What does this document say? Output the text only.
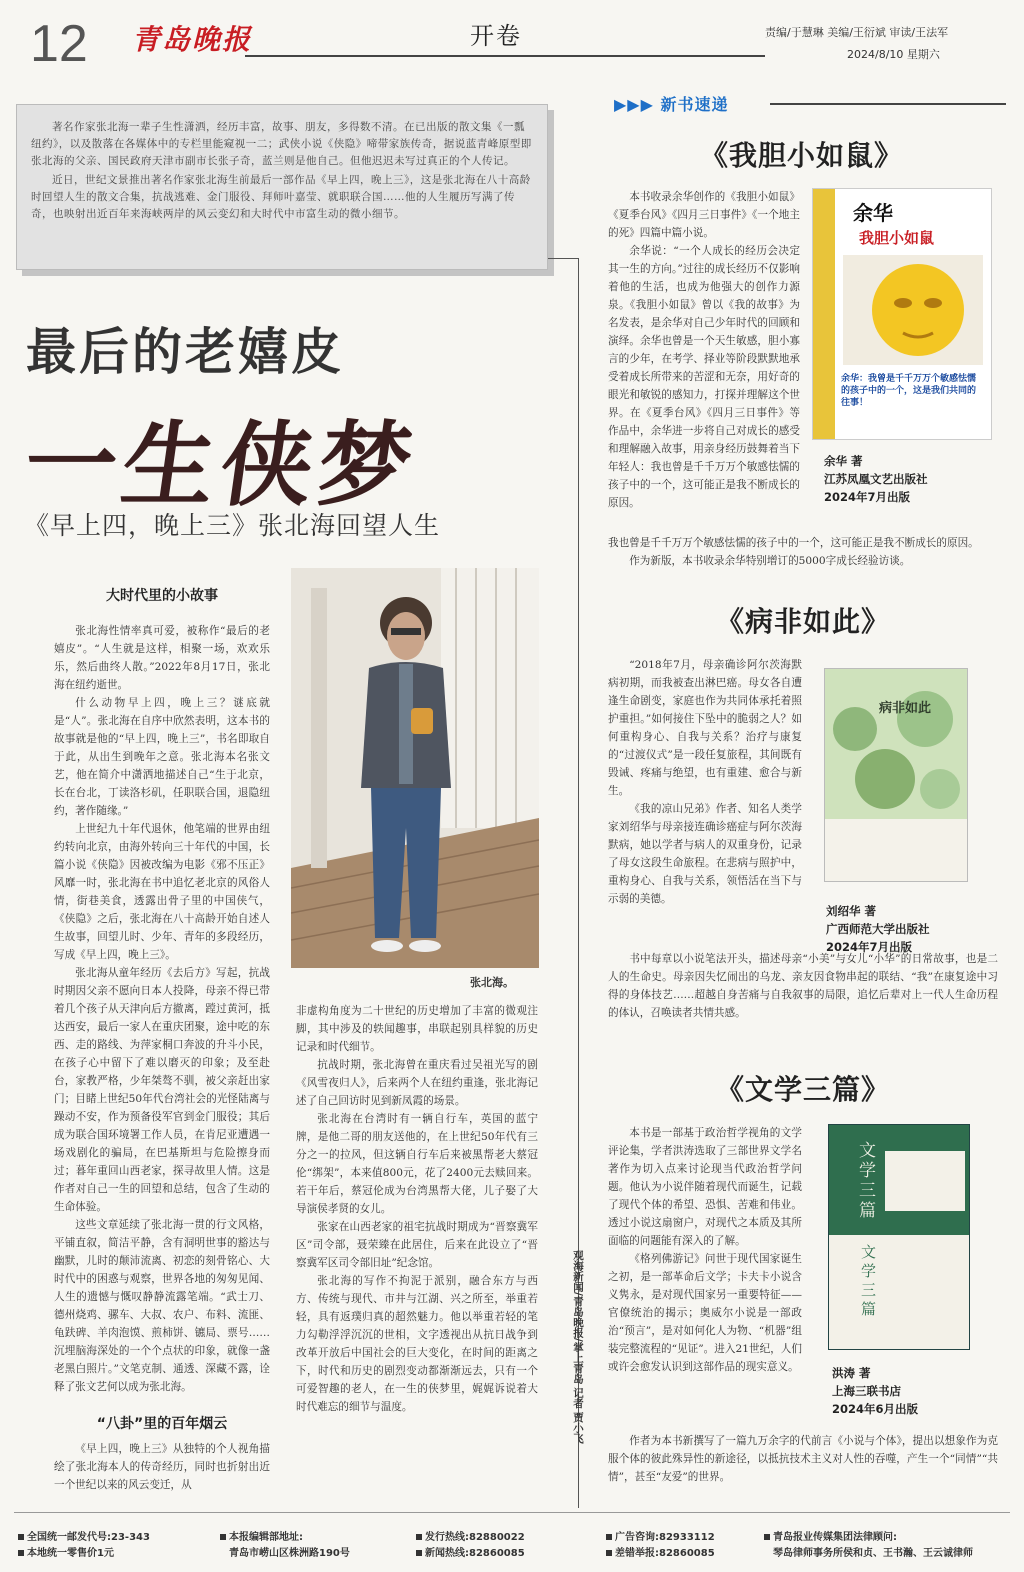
12 青岛晚报	开卷	责编/于慧琳 美编/王衍斌 审读/王法军
2024/8/10 星期六

著名作家张北海一辈子生性潇洒，经历丰富，故事、朋友，多得数不清。在已出版的散文集《一瓢纽约》，以及散落在各媒体中的专栏里能窥视一二；武侠小说《侠隐》啼带家族传奇，据说蓝青峰原型即张北海的父亲、国民政府天津市副市长张子奇，蓝兰则是他自己。但他迟迟未写过真正的个人传记。

近日，世纪文景推出著名作家张北海生前最后一部作品《早上四，晚上三》，这是张北海在八十高龄时回望人生的散文合集，抗战逃难、金门服役、拜师叶嘉莹、就职联合国……他的人生履历写满了传奇，也映射出近百年来海峡两岸的风云变幻和大时代中市富生动的微小细节。

最后的老嬉皮
一生侠梦
《早上四，晚上三》张北海回望人生
大时代里的小故事

张北海性情率真可爱，被称作“最后的老嬉皮”。“人生就是这样，相聚一场，欢欢乐乐，然后曲终人散。”2022年8月17日，张北海在纽约逝世。

什么动物早上四，晚上三？谜底就是“人”。张北海在自序中欣然表明，这本书的故事就是他的“早上四，晚上三”，书名即取自于此，从出生到晚年之意。张北海本名张文艺，他在简介中潇洒地描述自己“生于北京，长在台北，丁读洛杉矶，任职联合国，退隐纽约，著作随缘。”

上世纪九十年代退休，他笔端的世界由纽约转向北京，由海外转向三十年代的中国，长篇小说《侠隐》因被改编为电影《邪不压正》风靡一时，张北海在书中追忆老北京的风俗人情，街巷美食，透露出骨子里的中国侠气，《侠隐》之后，张北海在八十高龄开始自述人生故事，回望儿时、少年、青年的多段经历，写成《早上四，晚上三》。

张北海从童年经历《去后方》写起，抗战时期因父亲不愿向日本人投降，母亲不得已带着几个孩子从天津向后方撤离，蹚过黄河，抵达西安，最后一家人在重庆团聚，途中吃的东西、走的路线、为萍家桐口奔波的升斗小民，在孩子心中留下了难以磨灭的印象；及至赴台，家教严格，少年桀骜不驯，被父亲赶出家门；目睹上世纪50年代台湾社会的光怪陆离与躁动不安，作为预备役军官到金门服役；其后成为联合国环境署工作人员，在肯尼亚遭遇一场戏剧化的骗局，在巴基斯坦与危险擦身而过；暮年重回山西老家，探寻故里人情。这是作者对自己一生的回望和总结，包含了生动的生命体验。

这些文章延续了张北海一贯的行文风格，平铺直叙，简洁平静，含有洞明世事的豁达与幽默，儿时的颠沛流离、初恋的刻骨铭心、大时代中的困惑与观察，世界各地的匆匆见闻、人生的遗憾与慨叹静静流露笔端。“武士刀、德州烧鸡、骡车、大叔、农户、布料、流匪、龟趺碑、羊肉泡馍、煎柿饼、镳局、票号……沉埋脑海深处的一个个点状的印象，就像一盏老黑白照片。”文笔克制、通透、深藏不露，诠释了张文艺何以成为张北海。

“八卦”里的百年烟云

《早上四，晚上三》从独特的个人视角描绘了张北海本人的传奇经历，同时也折射出近一个世纪以来的风云变迁，从

张北海。

非虚构角度为二十世纪的历史增加了丰富的微观注脚，其中涉及的轶闻趣事，串联起别具样貌的历史记录和时代细节。

抗战时期，张北海曾在重庆看过吴祖光写的剧《风雪夜归人》，后来两个人在纽约重逢，张北海记述了自己回访时见到新凤霞的场景。

张北海在台湾时有一辆自行车，英国的蓝宁牌，是他二哥的朋友送他的，在上世纪50年代有三分之一的拉风，但这辆自行车后来被黑帮老大蔡冠伦“绑架”，本来值800元，花了2400元去赎回来。若干年后，蔡冠伦成为台湾黑帮大佬，儿子娶了大导演侯孝贤的女儿。

张家在山西老家的祖宅抗战时期成为“晋察冀军区”司令部，聂荣臻在此居住，后来在此设立了“晋察冀军区司令部旧址”纪念馆。

张北海的写作不拘泥于派别，融合东方与西方、传统与现代、市井与江湖、兴之所至，举重若轻，具有返璞归真的超然魅力。他以举重若轻的笔力勾勒浮浮沉沉的世相，文字透视出从抗日战争到改革开放后中国社会的巨大变化，在时间的距离之下，时代和历史的剧烈变动都渐渐远去，只有一个可爱智趣的老人，在一生的侠梦里，娓娓诉说着大时代难忘的细节与温度。	观海新闻/青岛晚报/掌上青岛 记者 贾小飞
▶▶▶ 新书速递
《我胆小如鼠》

本书收录余华创作的《我胆小如鼠》《夏季台风》《四月三日事件》《一个地主的死》四篇中篇小说。

余华说：“一个人成长的经历会决定其一生的方向。”过往的成长经历不仅影响着他的生活，也成为他强大的创作力源泉。《我胆小如鼠》曾以《我的故事》为名发表，是余华对自己少年时代的回顾和演绎。余华也曾是一个天生敏感，胆小寡言的少年，在考学、择业等阶段默默地承受着成长所带来的苦涩和无奈，用好奇的眼光和敏锐的感知力，打探并理解这个世界。在《夏季台风》《四月三日事件》等作品中，余华进一步将自己对成长的感受和理解融入故事，用亲身经历鼓舞着当下年轻人：我也曾是千千万万个敏感怯懦的孩子中的一个，这可能正是我不断成长的原因。

我也曾是千千万万个敏感怯懦的孩子中的一个，这可能正是我不断成长的原因。

作为新版，本书收录余华特别增订的5000字成长经验访谈。

余华
我胆小如鼠
余华：我曾是千千万万个敏感怯懦的孩子中的一个，这是我们共同的往事！
余华 著
江苏凤凰文艺出版社
2024年7月出版
《病非如此》

“2018年7月，母亲确诊阿尔茨海默病初期，而我被查出淋巴癌。母女各自遭逢生命剧变，家庭也作为共同体承托着照护重担。”如何接住下坠中的脆弱之人？如何重构身心、自我与关系？治疗与康复的“过渡仪式”是一段任复旅程，其间既有毁诫、疼痛与绝望，也有重建、愈合与新生。

《我的凉山兄弟》作者、知名人类学家刘绍华与母亲接连确诊癌症与阿尔茨海默病，她以学者与病人的双重身份，记录了母女这段生命旅程。在悲病与照护中，重构身心、自我与关系，领悟活在当下与示弱的美德。

书中每章以小说笔法开头，描述母亲“小美”与女儿“小华”的日常故事，也是二人的生命史。母亲因失忆闹出的乌龙、亲友因食物串起的联结、“我”在康复途中习得的身体技艺……超越自身苦痛与自我叙事的局限，追忆后辈对上一代人生命历程的体认，召唤读者共情共感。

病非如此
刘绍华 著
广西师范大学出版社
2024年7月出版
《文学三篇》

本书是一部基于政治哲学视角的文学评论集，学者洪涛选取了三部世界文学名著作为切入点来讨论现当代政治哲学问题。他认为小说伴随着现代而诞生，记载了现代个体的希望、恐惧、苦难和伟业。透过小说这扇窗户，对现代之本质及其所面临的问题能有深入的了解。

《格列佛游记》问世于现代国家诞生之初，是一部革命后文学；卡夫卡小说含义隽永，是对现代国家另一重要特征——官僚统治的揭示；奥威尔小说是一部政治“预言”，是对如何化人为物、“机器”组装完整流程的“见证”。进入21世纪，人们或许会愈发认识到这部作品的现实意义。

作者为本书新撰写了一篇九万余字的代前言《小说与个体》，提出以想象作为克服个体的彼此殊异性的新途径，以抵抗技术主义对人性的吞噬，产生一个“同情”“共情”，甚至“友爱”的世界。

文学三篇
文学三篇
洪涛 著
上海三联书店
2024年6月出版
全国统一邮发代号:23-343
本地统一零售价1元
本报编辑部地址:
青岛市崂山区株洲路190号
发行热线:82880022
新闻热线:82860085
广告咨询:82933112
差错举报:82860085
青岛报业传媒集团法律顾问:
琴岛律师事务所侯和贞、王书瀚、王云诚律师
